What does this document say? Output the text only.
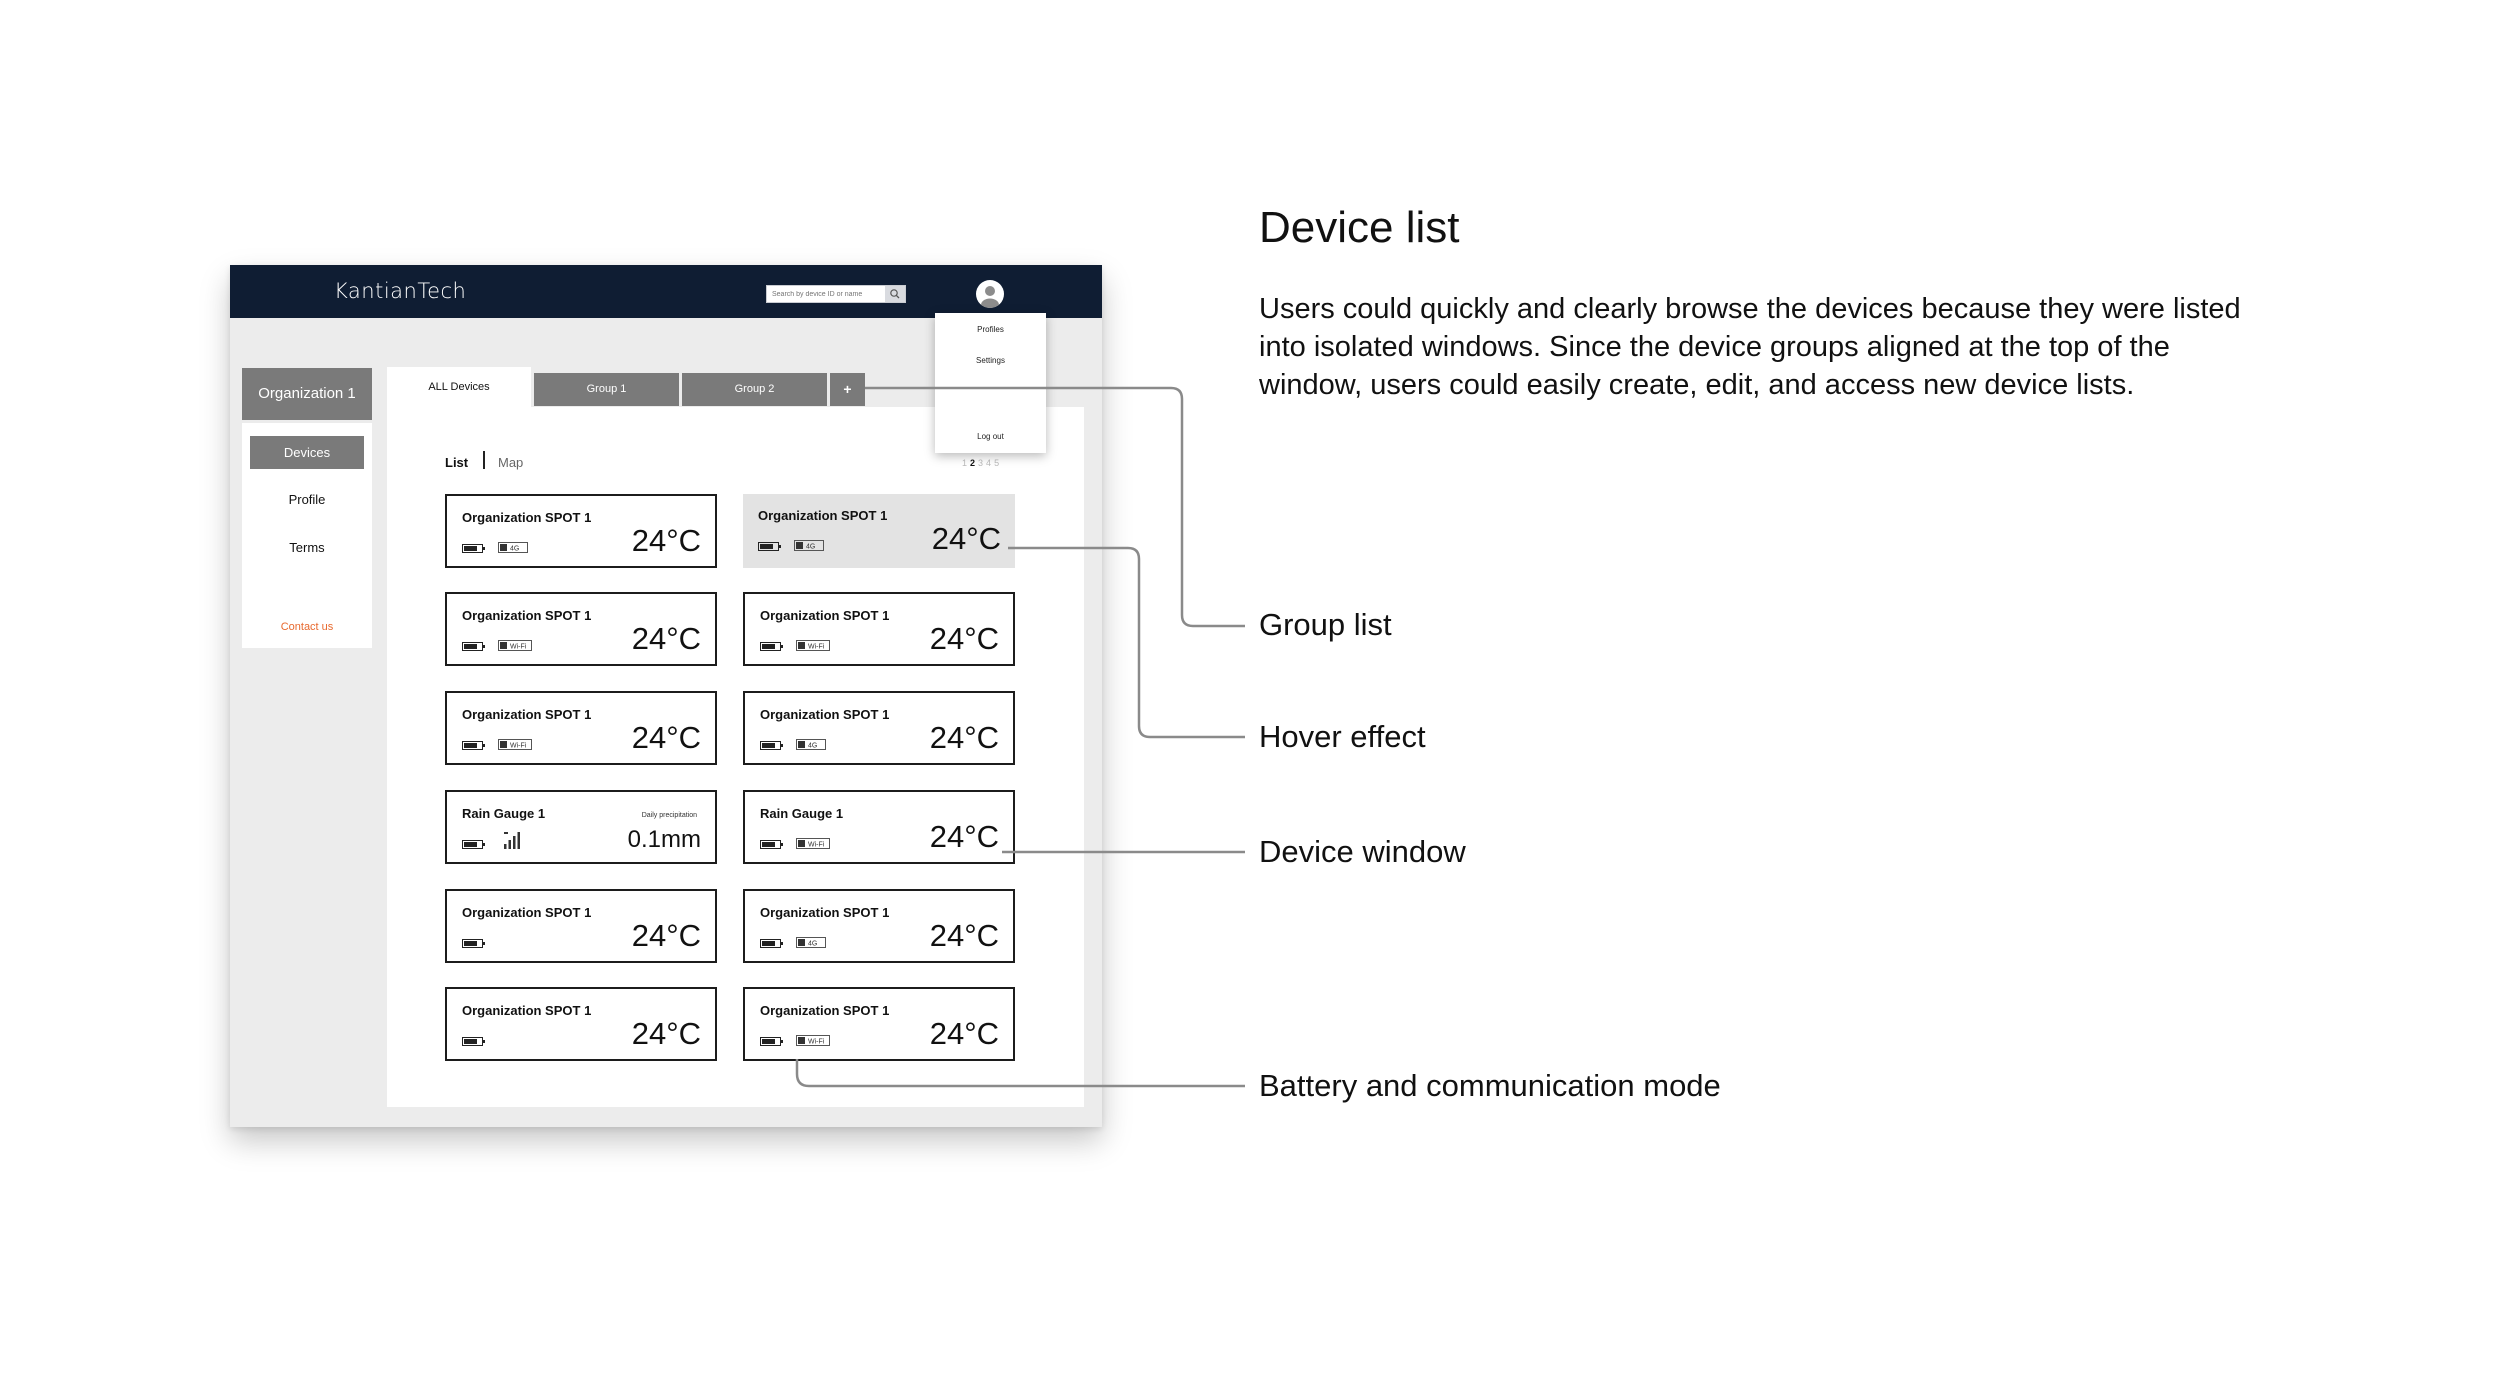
KantianTech
Search by device ID or name
Organization 1
Devices
Profile
Terms
Contact us
ALL Devices	Group 1	Group 2	+
List Map	12345
Organization SPOT 1
24°C
4G
Organization SPOT 1
24°C
4G
Organization SPOT 1
24°C
Wi-Fi
Organization SPOT 1
24°C
Wi-Fi
Organization SPOT 1
24°C
Wi-Fi
Organization SPOT 1
24°C
4G
Rain Gauge 1	Daily precipitation
0.1mm
Rain Gauge 1
24°C
Wi-Fi
Organization SPOT 1
24°C
Organization SPOT 1
24°C
4G
Organization SPOT 1
24°C
Organization SPOT 1
24°C
Wi-Fi
Profiles
Settings
Log out
Device list
Users could quickly and clearly browse the devices because they were listed into isolated windows. Since the device groups aligned at the top of the window, users could easily create, edit, and access new device lists.
Group list
Hover effect
Device window
Battery and communication mode
